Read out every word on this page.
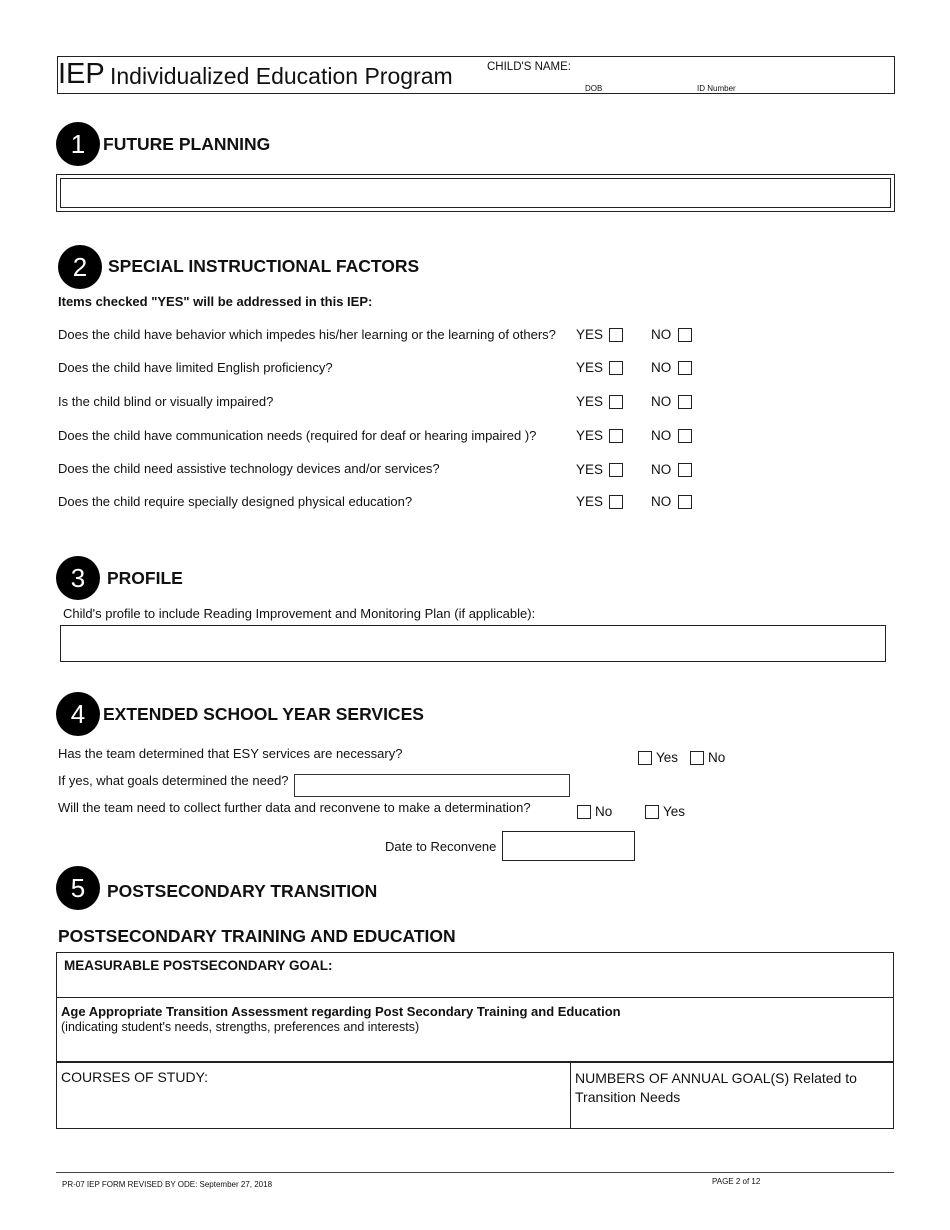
IEP Individualized Education Program	CHILD'S NAME:
DOB	ID Number
1	FUTURE PLANNING
2	SPECIAL INSTRUCTIONAL FACTORS
Items checked "YES" will be addressed in this IEP:
Does the child have behavior which impedes his/her learning or the learning of others? YES	NO
Does the child have limited English proficiency?	YES	NO
Is the child blind or visually impaired?	YES	NO
Does the child have communication needs (required for deaf or hearing impaired )?	YES	NO
Does the child need assistive technology devices and/or services?	YES	NO
Does the child require specially designed physical education?	YES	NO
3	PROFILE
Child's profile to include Reading Improvement and Monitoring Plan (if applicable):
4	EXTENDED SCHOOL YEAR SERVICES
Has the team determined that ESY services are necessary?	Yes No
If yes, what goals determined the need?
Will the team need to collect further data and reconvene to make a determination?	No	Yes
Date to Reconvene
5	POSTSECONDARY TRANSITION
POSTSECONDARY TRAINING AND EDUCATION
MEASURABLE POSTSECONDARY GOAL:
Age Appropriate Transition Assessment regarding Post Secondary Training and Education
(indicating student's needs, strengths, preferences and interests)
COURSES OF STUDY:	NUMBERS OF ANNUAL GOAL(S) Related to Transition Needs
PR-07 IEP FORM REVISED BY ODE: September 27, 2018	PAGE 2 of 12
